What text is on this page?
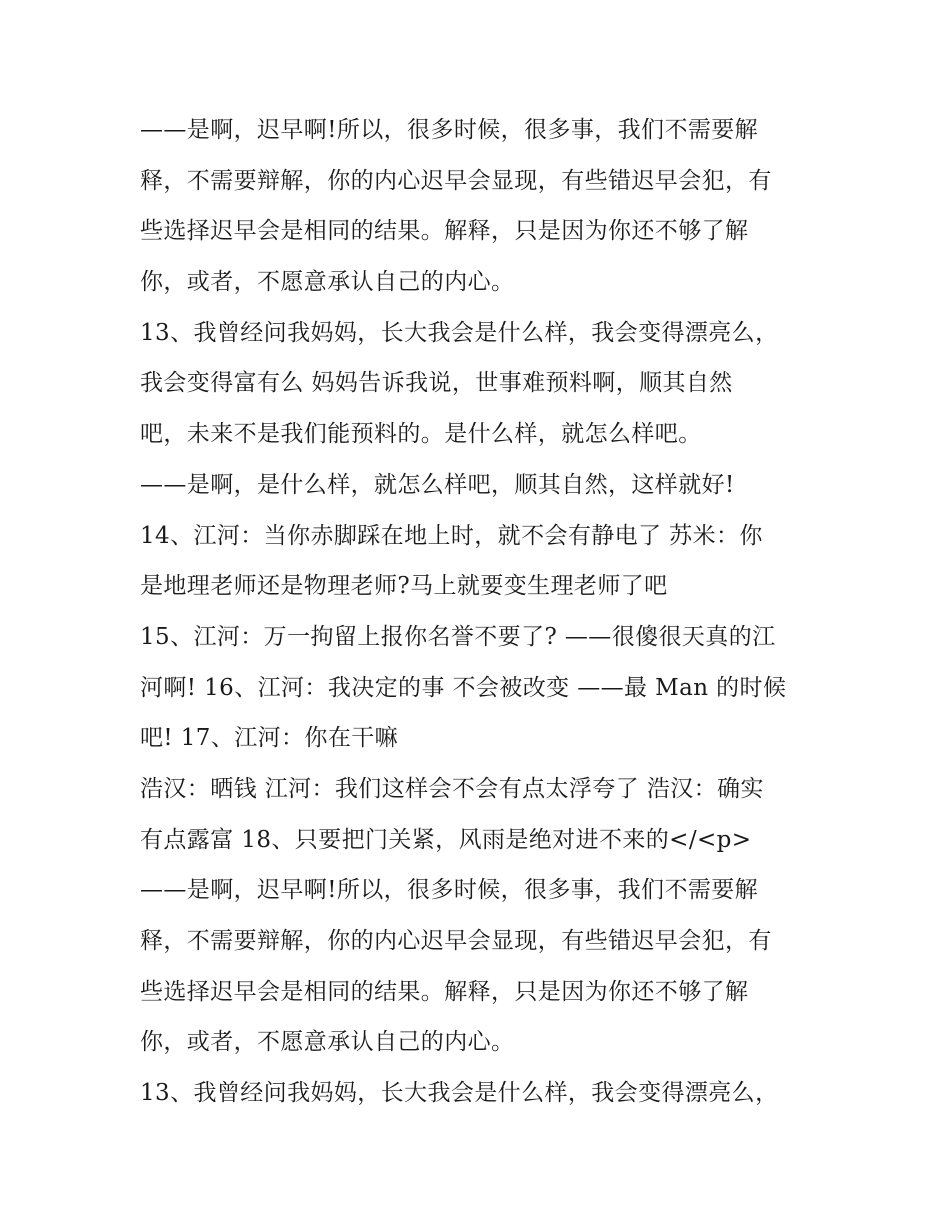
——是啊，迟早啊!所以，很多时候，很多事，我们不需要解
释，不需要辩解，你的内心迟早会显现，有些错迟早会犯，有
些选择迟早会是相同的结果。解释，只是因为你还不够了解
你，或者，不愿意承认自己的内心。
13、我曾经问我妈妈，长大我会是什么样，我会变得漂亮么，
我会变得富有么 妈妈告诉我说，世事难预料啊，顺其自然
吧，未来不是我们能预料的。是什么样，就怎么样吧。
——是啊，是什么样，就怎么样吧，顺其自然，这样就好!
14、江河：当你赤脚踩在地上时，就不会有静电了 苏米：你
是地理老师还是物理老师?马上就要变生理老师了吧
15、江河：万一拘留上报你名誉不要了? ——很傻很天真的江
河啊! 16、江河：我决定的事 不会被改变 ——最 Man 的时候
吧! 17、江河：你在干嘛
浩汉：晒钱 江河：我们这样会不会有点太浮夸了 浩汉：确实
有点露富 18、只要把门关紧，风雨是绝对进不来的</<p>
——是啊，迟早啊!所以，很多时候，很多事，我们不需要解
释，不需要辩解，你的内心迟早会显现，有些错迟早会犯，有
些选择迟早会是相同的结果。解释，只是因为你还不够了解
你，或者，不愿意承认自己的内心。
13、我曾经问我妈妈，长大我会是什么样，我会变得漂亮么，
